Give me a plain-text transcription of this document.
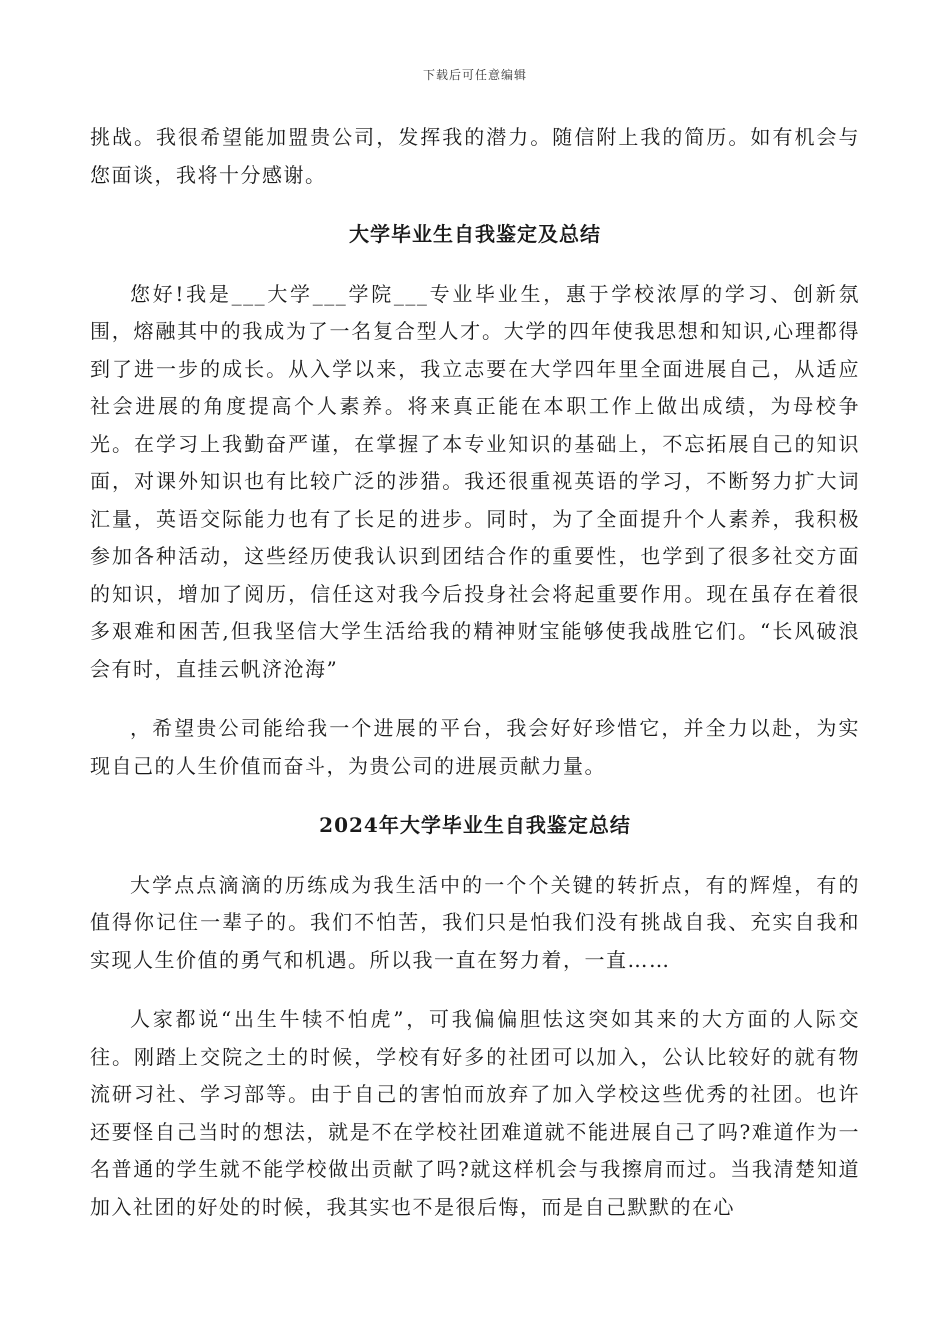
下载后可任意编辑

挑战。我很希望能加盟贵公司，发挥我的潜力。随信附上我的简历。如有机会与您面谈，我将十分感谢。

大学毕业生自我鉴定及总结

您好!我是___大学___学院___专业毕业生，惠于学校浓厚的学习、创新氛围，熔融其中的我成为了一名复合型人才。大学的四年使我思想和知识,心理都得到了进一步的成长。从入学以来，我立志要在大学四年里全面进展自己，从适应社会进展的角度提高个人素养。将来真正能在本职工作上做出成绩，为母校争光。在学习上我勤奋严谨，在掌握了本专业知识的基础上，不忘拓展自己的知识面，对课外知识也有比较广泛的涉猎。我还很重视英语的学习，不断努力扩大词汇量，英语交际能力也有了长足的进步。同时，为了全面提升个人素养，我积极参加各种活动，这些经历使我认识到团结合作的重要性，也学到了很多社交方面的知识，增加了阅历，信任这对我今后投身社会将起重要作用。现在虽存在着很多艰难和困苦,但我坚信大学生活给我的精神财宝能够使我战胜它们。“长风破浪会有时，直挂云帆济沧海”

，希望贵公司能给我一个进展的平台，我会好好珍惜它，并全力以赴，为实现自己的人生价值而奋斗，为贵公司的进展贡献力量。

2024年大学毕业生自我鉴定总结

大学点点滴滴的历练成为我生活中的一个个关键的转折点，有的辉煌，有的值得你记住一辈子的。我们不怕苦，我们只是怕我们没有挑战自我、充实自我和实现人生价值的勇气和机遇。所以我一直在努力着，一直……

人家都说“出生牛犊不怕虎”，可我偏偏胆怯这突如其来的大方面的人际交往。刚踏上交院之土的时候，学校有好多的社团可以加入，公认比较好的就有物流研习社、学习部等。由于自己的害怕而放弃了加入学校这些优秀的社团。也许还要怪自己当时的想法，就是不在学校社团难道就不能进展自己了吗?难道作为一名普通的学生就不能学校做出贡献了吗?就这样机会与我擦肩而过。当我清楚知道加入社团的好处的时候，我其实也不是很后悔，而是自己默默的在心
